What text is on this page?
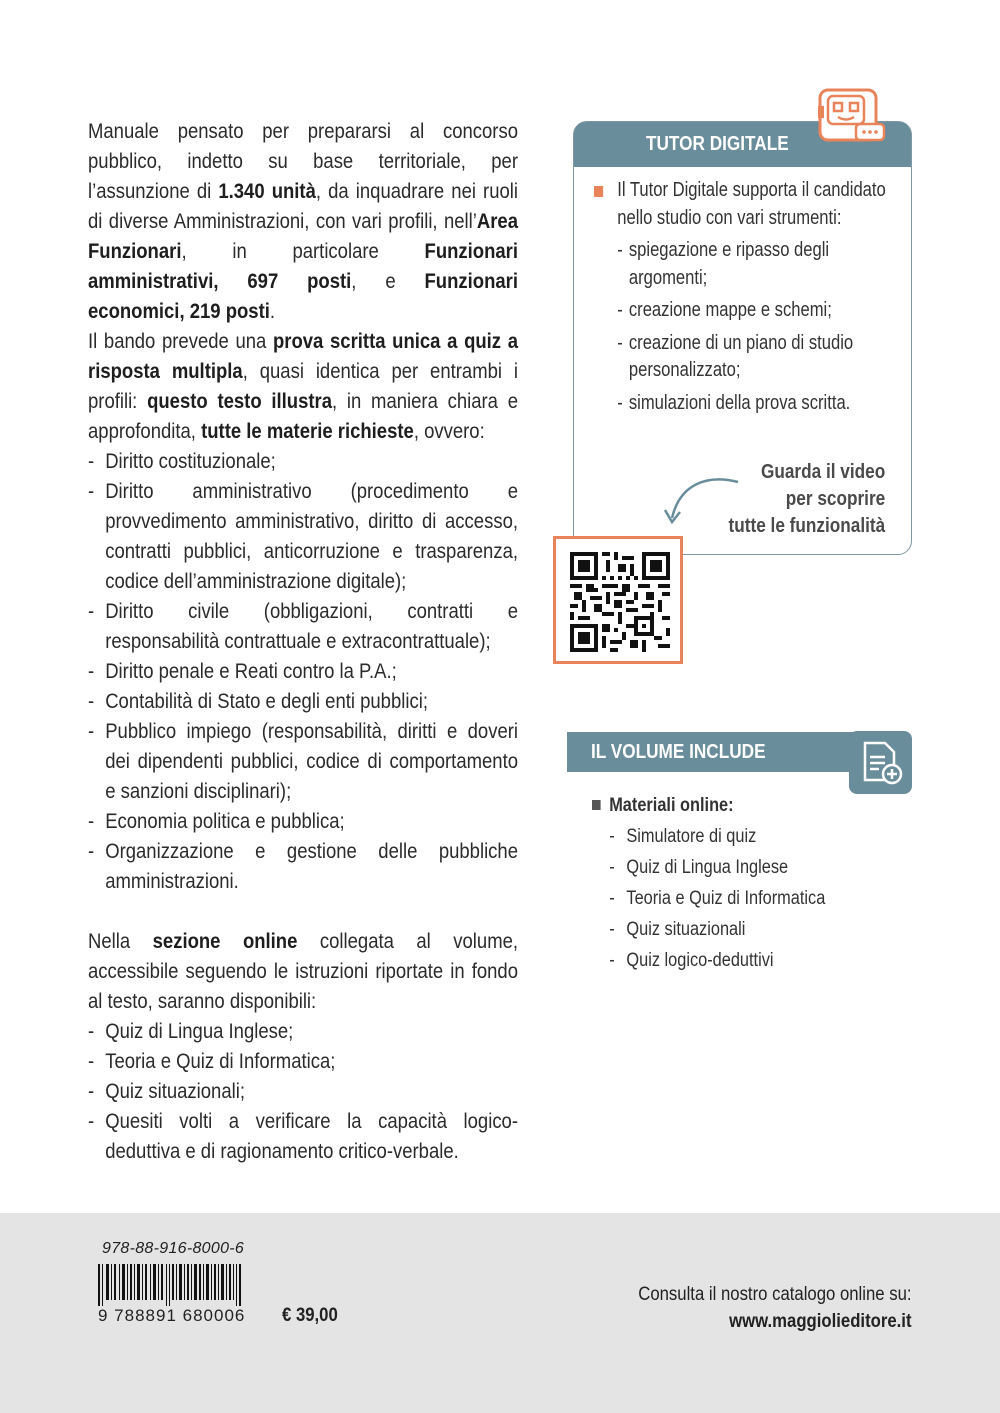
Manuale pensato per prepararsi al concorso pubblico, indetto su base territoriale, per l’assunzione di 1.340 unità, da inquadrare nei ruoli di diverse Amministrazioni, con vari profili, nell’Area Funzionari, in particolare Funzionari amministrativi, 697 posti, e Funzionari economici, 219 posti.

Il bando prevede una prova scritta unica a quiz a risposta multipla, quasi identica per entrambi i profili: questo testo illustra, in maniera chiara e approfondita, tutte le materie richieste, ovvero:

- Diritto costituzionale;
- Diritto amministrativo (procedimento e provvedimento amministrativo, diritto di accesso, contratti pubblici, anticorruzione e trasparenza, codice dell’amministrazione digitale);
- Diritto civile (obbligazioni, contratti e responsabilità contrattuale e extracontrattuale);
- Diritto penale e Reati contro la P.A.;
- Contabilità di Stato e degli enti pubblici;
- Pubblico impiego (responsabilità, diritti e doveri dei dipendenti pubblici, codice di comportamento e sanzioni disciplinari);
- Economia politica e pubblica;
- Organizzazione e gestione delle pubbliche amministrazioni.

Nella sezione online collegata al volume, accessibile seguendo le istruzioni riportate in fondo al testo, saranno disponibili:

- Quiz di Lingua Inglese;
- Teoria e Quiz di Informatica;
- Quiz situazionali;
- Quesiti volti a verificare la capacità logico-deduttiva e di ragionamento critico-verbale.
TUTOR DIGITALE
Il Tutor Digitale supporta il candidato nello studio con vari strumenti:
- spiegazione e ripasso degli argomenti;
- creazione mappe e schemi;
- creazione di un piano di studio personalizzato;
- simulazioni della prova scritta.
Guarda il video
per scoprire
tutte le funzionalità
IL VOLUME INCLUDE
Materiali online:
- Simulatore di quiz
- Quiz di Lingua Inglese
- Teoria e Quiz di Informatica
- Quiz situazionali
- Quiz logico-deduttivi
978-88-916-8000-6
9 788891 680006 € 39,00
Consulta il nostro catalogo online su:
www.maggiolieditore.it
